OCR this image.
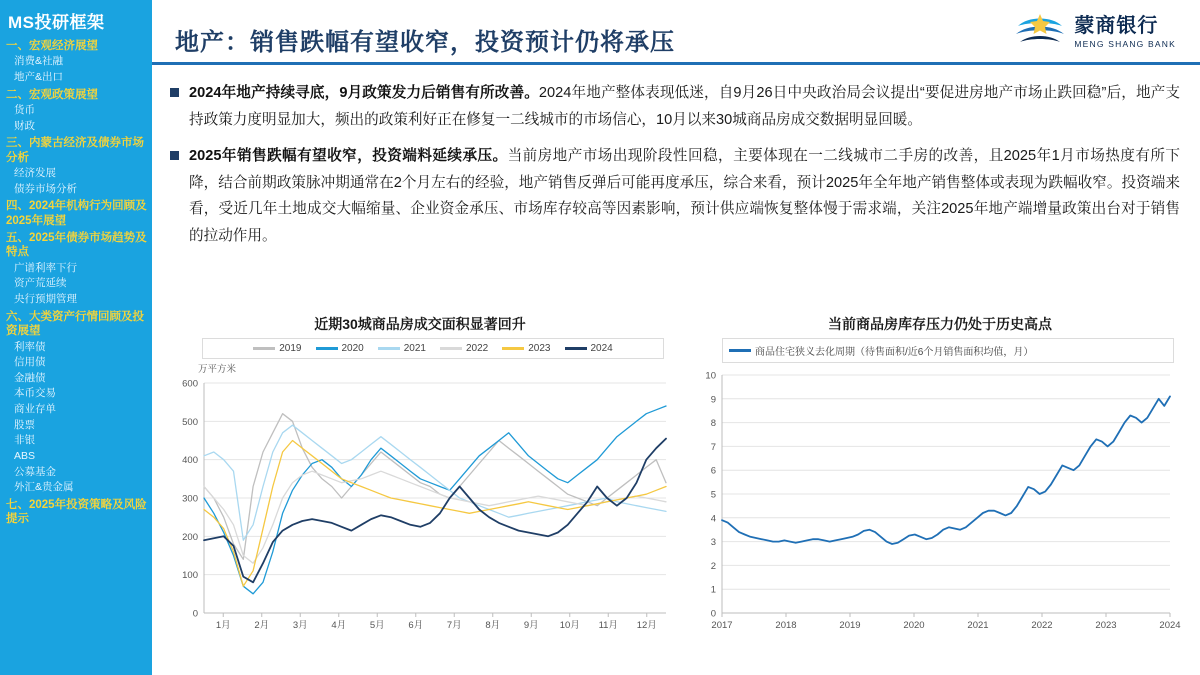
MS投研框架
一、宏观经济展望
消费&社融
地产&出口
二、宏观政策展望
货币
财政
三、内蒙古经济及债券市场分析
经济发展
债券市场分析
四、2024年机构行为回顾及2025年展望
五、2025年债券市场趋势及特点
广谱利率下行
资产荒延续
央行预期管理
六、大类资产行情回顾及投资展望
利率债
信用债
金融债
本币交易
商业存单
股票
非银
ABS
公募基金
外汇&贵金属
七、2025年投资策略及风险提示
地产：销售跌幅有望收窄，投资预计仍将承压
蒙商银行
MENG SHANG BANK
2024年地产持续寻底，9月政策发力后销售有所改善。2024年地产整体表现低迷，自9月26日中央政治局会议提出“要促进房地产市场止跌回稳”后，地产支持政策力度明显加大，频出的政策利好正在修复一二线城市的市场信心，10月以来30城商品房成交数据明显回暖。
2025年销售跌幅有望收窄，投资端料延续承压。当前房地产市场出现阶段性回稳，主要体现在一二线城市二手房的改善，且2025年1月市场热度有所下降，结合前期政策脉冲期通常在2个月左右的经验，地产销售反弹后可能再度承压，综合来看，预计2025年全年地产销售整体或表现为跌幅收窄。投资端来看，受近几年土地成交大幅缩量、企业资金承压、市场库存较高等因素影响，预计供应端恢复整体慢于需求端，关注2025年地产端增量政策出台对于销售的拉动作用。
近期30城商品房成交面积显著回升	当前商品房库存压力仍处于历史高点
2019	2020	2021	2022	2023	2024
万平方米
0
100
200
300
400
500
600
1月 2月 3月 4月 5月 6月 7月 8月 9月 10月 11月 12月
商品住宅狭义去化周期（待售面积/近6个月销售面积均值，月）
0
1
2
3
4
5
6
7
8
9
10
2017	2018	2019	2020	2021	2022	2023	2024
